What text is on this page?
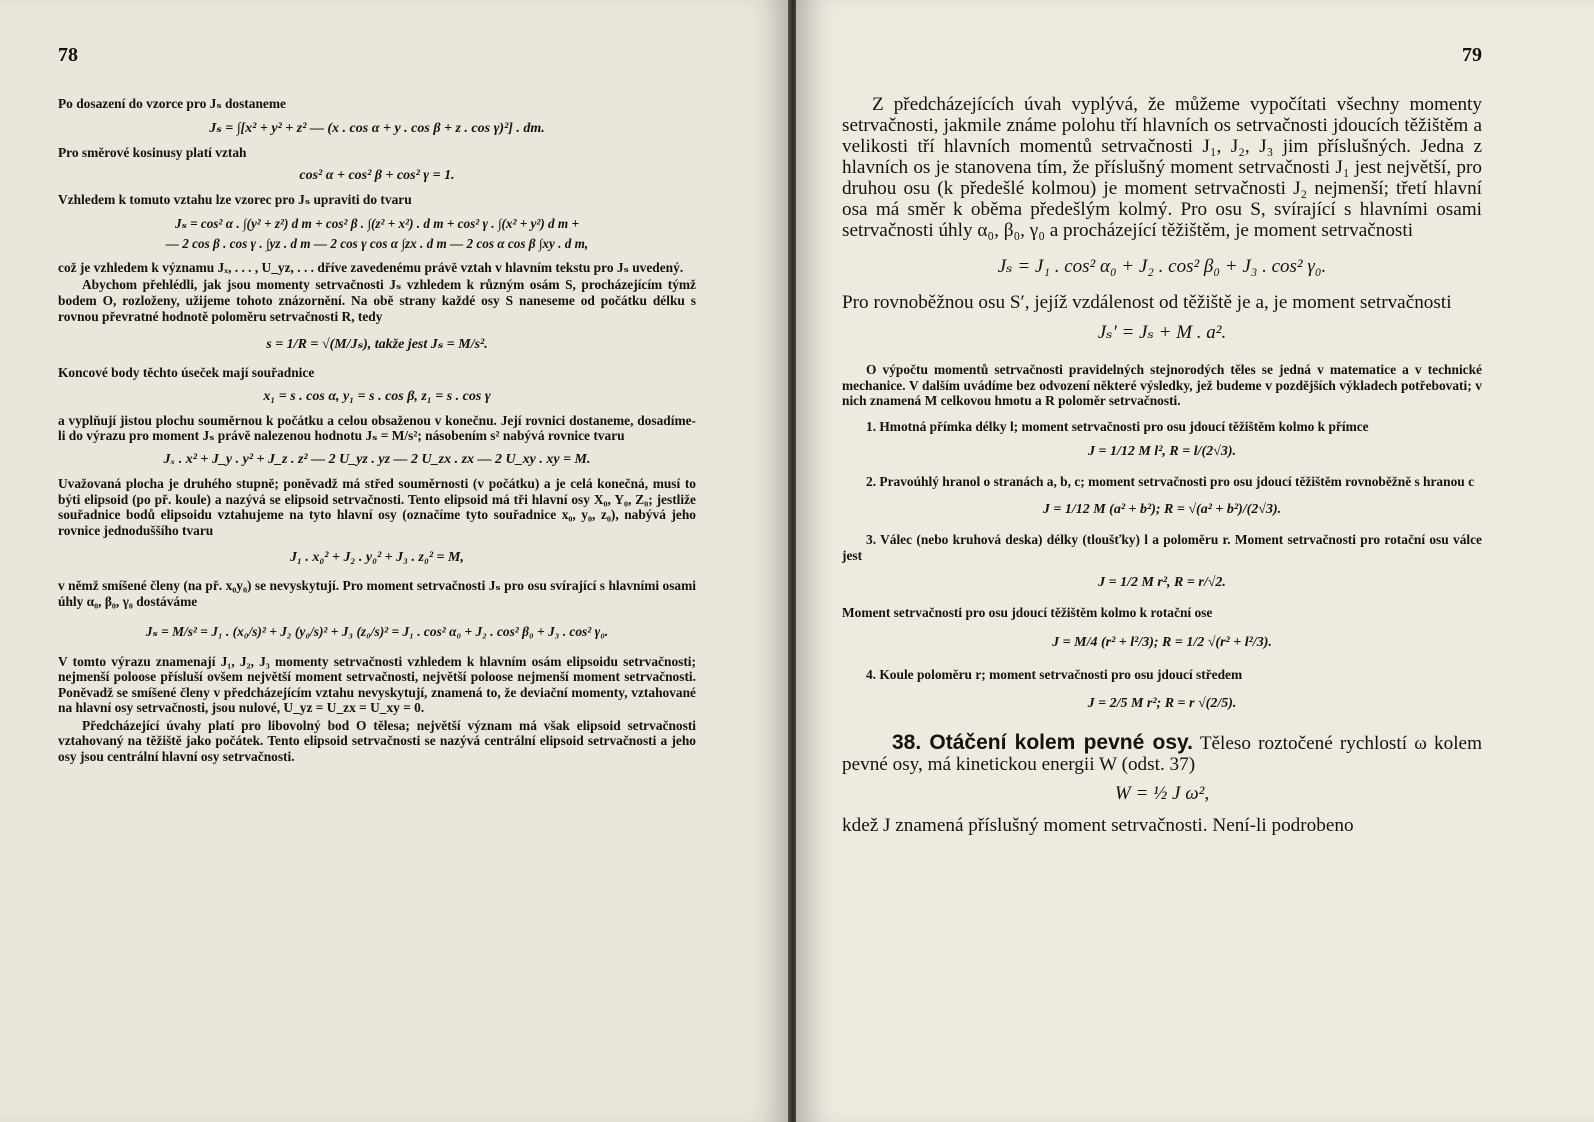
78

Po dosazení do vzorce pro Jₛ dostaneme

Jₛ = ∫[x² + y² + z² — (x . cos α + y . cos β + z . cos γ)²] . dm.

Pro směrové kosinusy platí vztah

cos² α + cos² β + cos² γ = 1.

Vzhledem k tomuto vztahu lze vzorec pro Jₛ upraviti do tvaru

Jₛ = cos² α . ∫(y² + z²) d m + cos² β . ∫(z² + x²) . d m + cos² γ . ∫(x² + y²) d m +
— 2 cos β . cos γ . ∫yz . d m — 2 cos γ cos α ∫zx . d m — 2 cos α cos β ∫xy . d m,

což je vzhledem k významu Jₓ, . . . , U_yz, . . . dříve zavedenému právě vztah v hlavním tekstu pro Jₛ uvedený.

Abychom přehlédli, jak jsou momenty setrvačnosti Jₛ vzhledem k různým osám S, procházejícím týmž bodem O, rozloženy, užijeme tohoto znázornění. Na obě strany každé osy S naneseme od počátku délku s rovnou převratné hodnotě poloměru setrvačnosti R, tedy

s = 1/R = √(M/Jₛ), takže jest Jₛ = M/s².

Koncové body těchto úseček mají souřadnice

x₁ = s . cos α, y₁ = s . cos β, z₁ = s . cos γ

a vyplňují jistou plochu souměrnou k počátku a celou obsaženou v konečnu. Její rovnici dostaneme, dosadíme-li do výrazu pro moment Jₛ právě nalezenou hodnotu Jₛ = M/s²; násobením s² nabývá rovnice tvaru

Jₓ . x² + J_y . y² + J_z . z² — 2 U_yz . yz — 2 U_zx . zx — 2 U_xy . xy = M.

Uvažovaná plocha je druhého stupně; poněvadž má střed souměrnosti (v počátku) a je celá konečná, musí to býti elipsoid (po př. koule) a nazývá se elipsoid setrvačnosti. Tento elipsoid má tři hlavní osy X₀, Y₀, Z₀; jestliže souřadnice bodů elipsoidu vztahujeme na tyto hlavní osy (označíme tyto souřadnice x₀, y₀, z₀), nabývá jeho rovnice jednoduššího tvaru

J₁ . x₀² + J₂ . y₀² + J₃ . z₀² = M,

v němž smíšené členy (na př. x₀y₀) se nevyskytují. Pro moment setrvačnosti Jₛ pro osu svírající s hlavními osami úhly α₀, β₀, γ₀ dostáváme

Jₛ = M/s² = J₁ . (x₀/s)² + J₂ (y₀/s)² + J₃ (z₀/s)² = J₁ . cos² α₀ + J₂ . cos² β₀ + J₃ . cos² γ₀.

V tomto výrazu znamenají J₁, J₂, J₃ momenty setrvačnosti vzhledem k hlavním osám elipsoidu setrvačnosti; nejmenší poloose přísluší ovšem největší moment setrvačnosti, největší poloose nejmenší moment setrvačnosti. Poněvadž se smíšené členy v předcházejícím vztahu nevyskytují, znamená to, že deviační momenty, vztahované na hlavní osy setrvačnosti, jsou nulové, U_yz = U_zx = U_xy = 0.

Předcházející úvahy platí pro libovolný bod O tělesa; největší význam má však elipsoid setrvačnosti vztahovaný na těžiště jako počátek. Tento elipsoid setrvačnosti se nazývá centrální elipsoid setrvačnosti a jeho osy jsou centrální hlavní osy setrvačnosti.

79

Z předcházejících úvah vyplývá, že můžeme vypočítati všechny momenty setrvačnosti, jakmile známe polohu tří hlavních os setrvačnosti jdoucích těžištěm a velikosti tří hlavních momentů setrvačnosti J₁, J₂, J₃ jim příslušných. Jedna z hlavních os je stanovena tím, že příslušný moment setrvačnosti J₁ jest největší, pro druhou osu (k předešlé kolmou) je moment setrvačnosti J₂ nejmenší; třetí hlavní osa má směr k oběma předešlým kolmý. Pro osu S, svírající s hlavními osami setrvačnosti úhly α₀, β₀, γ₀ a procházející těžištěm, je moment setrvačnosti

Jₛ = J₁ . cos² α₀ + J₂ . cos² β₀ + J₃ . cos² γ₀.

Pro rovnoběžnou osu S′, jejíž vzdálenost od těžiště je a, je moment setrvačnosti

Jₛ′ = Jₛ + M . a².

O výpočtu momentů setrvačnosti pravidelných stejnorodých těles se jedná v matematice a v technické mechanice. V dalším uvádíme bez odvození některé výsledky, jež budeme v pozdějších výkladech potřebovati; v nich znamená M celkovou hmotu a R poloměr setrvačnosti.

1. Hmotná přímka délky l; moment setrvačnosti pro osu jdoucí těžištěm kolmo k přímce

J = 1/12 M l², R = l/(2√3).

2. Pravoúhlý hranol o stranách a, b, c; moment setrvačnosti pro osu jdoucí těžištěm rovnoběžně s hranou c

J = 1/12 M (a² + b²); R = √(a² + b²)/(2√3).

3. Válec (nebo kruhová deska) délky (tloušťky) l a poloměru r. Moment setrvačnosti pro rotační osu válce jest

J = 1/2 M r², R = r/√2.

Moment setrvačnosti pro osu jdoucí těžištěm kolmo k rotační ose

J = M/4 (r² + l²/3); R = 1/2 √(r² + l²/3).

4. Koule poloměru r; moment setrvačnosti pro osu jdoucí středem

J = 2/5 M r²; R = r √(2/5).

38. Otáčení kolem pevné osy. Těleso roztočené rychlostí ω kolem pevné osy, má kinetickou energii W (odst. 37)

W = ½ J ω²,

kdež J znamená příslušný moment setrvačnosti. Není-li podrobeno
